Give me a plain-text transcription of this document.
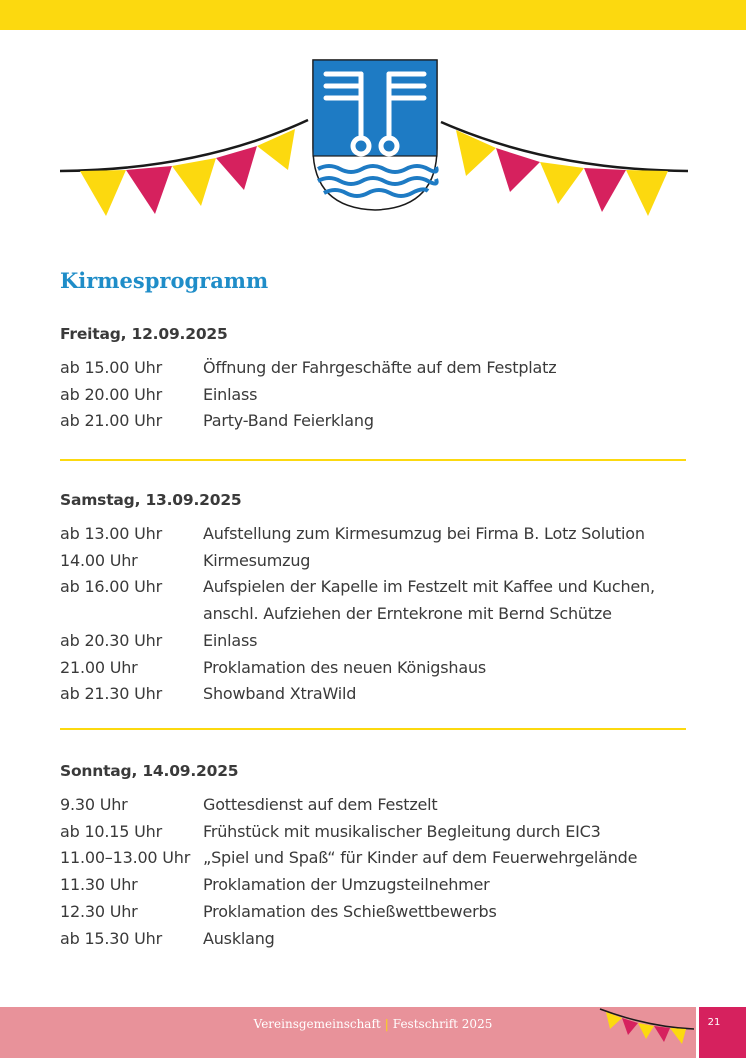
Kirmesprogramm

Freitag, 12.09.2025

ab 15.00 Uhr	Öffnung der Fahrgeschäfte auf dem Festplatz
ab 20.00 Uhr	Einlass
ab 21.00 Uhr	Party-Band Feierklang

Samstag, 13.09.2025

ab 13.00 Uhr	Aufstellung zum Kirmesumzug bei Firma B. Lotz Solution
14.00 Uhr	Kirmesumzug
ab 16.00 Uhr	Aufspielen der Kapelle im Festzelt mit Kaffee und Kuchen,
anschl. Aufziehen der Erntekrone mit Bernd Schütze
ab 20.30 Uhr	Einlass
21.00 Uhr	Proklamation des neuen Königshaus
ab 21.30 Uhr	Showband XtraWild

Sonntag, 14.09.2025

9.30 Uhr	Gottesdienst auf dem Festzelt
ab 10.15 Uhr	Frühstück mit musikalischer Begleitung durch EIC3
11.00–13.00 Uhr „Spiel und Spaß“ für Kinder auf dem Feuerwehrgelände
11.30 Uhr	Proklamation der Umzugsteilnehmer
12.30 Uhr	Proklamation des Schießwettbewerbs
ab 15.30 Uhr	Ausklang
Vereinsgemeinschaft | Festschrift 2025	21
